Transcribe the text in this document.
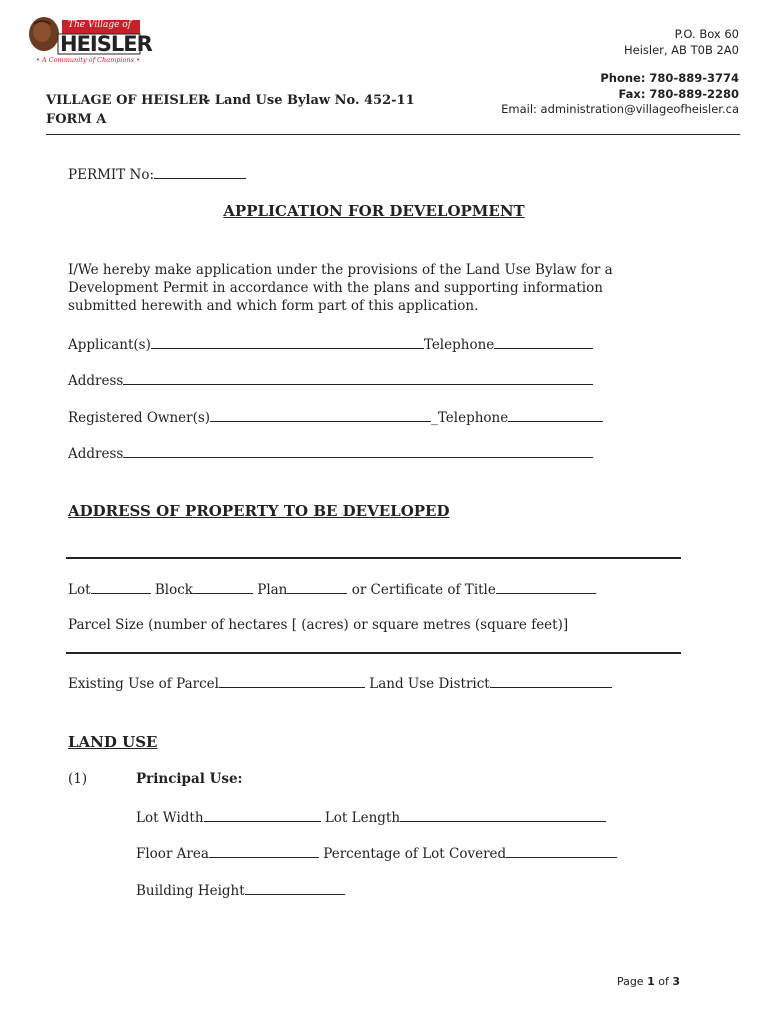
The Village of
HEISLER
• A Community of Champions •
P.O. Box 60
Heisler, AB T0B 2A0
Phone: 780-889-3774
Fax: 780-889-2280
Email: administration@villageofheisler.ca
VILLAGE OF HEISLER
- Land Use Bylaw No. 452-11
FORM A
PERMIT No:
APPLICATION FOR DEVELOPMENT
I/We hereby make application under the provisions of the Land Use Bylaw for a
Development Permit in accordance with the plans and supporting information
submitted herewith and which form part of this application.
Applicant(s)	Telephone
Address
Registered Owner(s)	_Telephone
Address
ADDRESS OF PROPERTY TO BE DEVELOPED
Lot	Block	Plan	or Certificate of Title
Parcel Size (number of hectares [ (acres) or square metres (square feet)]
Existing Use of Parcel	Land Use District
LAND USE
(1)	Principal Use:
Lot Width	Lot Length
Floor Area	Percentage of Lot Covered
Building Height
Page 1 of 3
